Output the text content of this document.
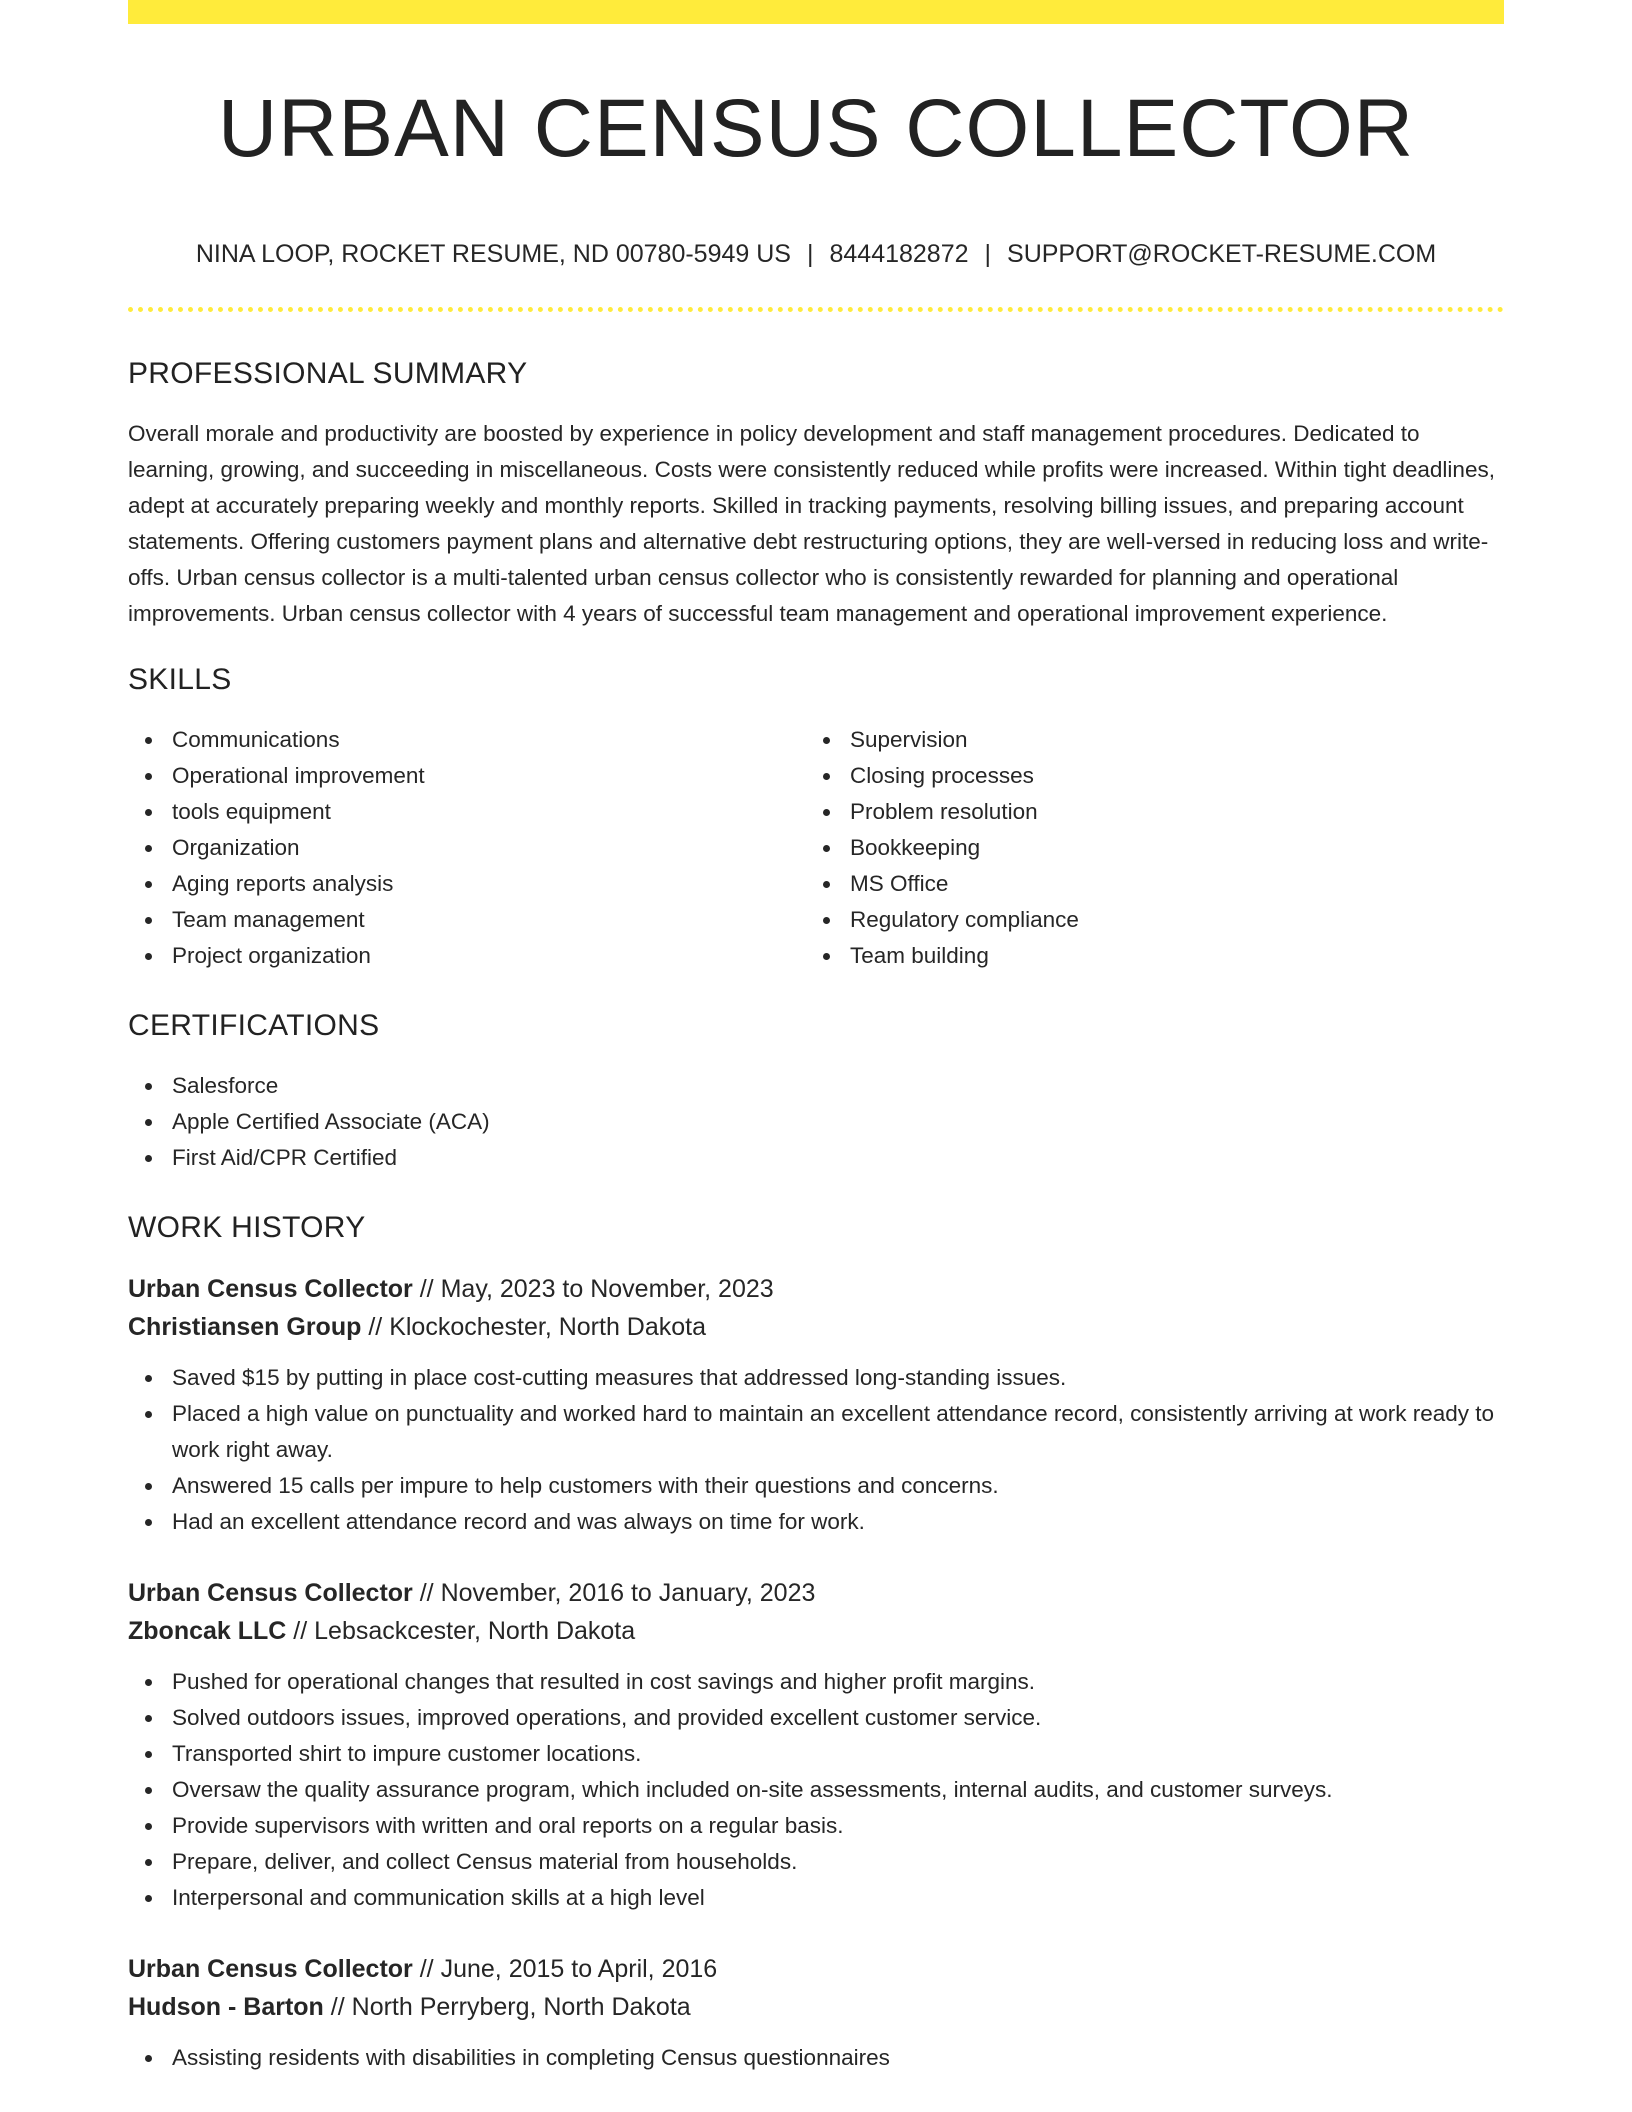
URBAN CENSUS COLLECTOR
NINA LOOP, ROCKET RESUME, ND 00780-5949 US | 8444182872 | SUPPORT@ROCKET-RESUME.COM
PROFESSIONAL SUMMARY

Overall morale and productivity are boosted by experience in policy development and staff management procedures. Dedicated to learning, growing, and succeeding in miscellaneous. Costs were consistently reduced while profits were increased. Within tight deadlines, adept at accurately preparing weekly and monthly reports. Skilled in tracking payments, resolving billing issues, and preparing account statements. Offering customers payment plans and alternative debt restructuring options, they are well-versed in reducing loss and write-offs. Urban census collector is a multi-talented urban census collector who is consistently rewarded for planning and operational improvements. Urban census collector with 4 years of successful team management and operational improvement experience.

SKILLS
Communications
Operational improvement
tools equipment
Organization
Aging reports analysis
Team management
Project organization
Supervision
Closing processes
Problem resolution
Bookkeeping
MS Office
Regulatory compliance
Team building
CERTIFICATIONS
Salesforce
Apple Certified Associate (ACA)
First Aid/CPR Certified
WORK HISTORY
Urban Census Collector // May, 2023 to November, 2023
Christiansen Group // Klockochester, North Dakota
Saved $15 by putting in place cost-cutting measures that addressed long-standing issues.
Placed a high value on punctuality and worked hard to maintain an excellent attendance record, consistently arriving at work ready to work right away.
Answered 15 calls per impure to help customers with their questions and concerns.
Had an excellent attendance record and was always on time for work.
Urban Census Collector // November, 2016 to January, 2023
Zboncak LLC // Lebsackcester, North Dakota
Pushed for operational changes that resulted in cost savings and higher profit margins.
Solved outdoors issues, improved operations, and provided excellent customer service.
Transported shirt to impure customer locations.
Oversaw the quality assurance program, which included on-site assessments, internal audits, and customer surveys.
Provide supervisors with written and oral reports on a regular basis.
Prepare, deliver, and collect Census material from households.
Interpersonal and communication skills at a high level
Urban Census Collector // June, 2015 to April, 2016
Hudson - Barton // North Perryberg, North Dakota
Assisting residents with disabilities in completing Census questionnaires
